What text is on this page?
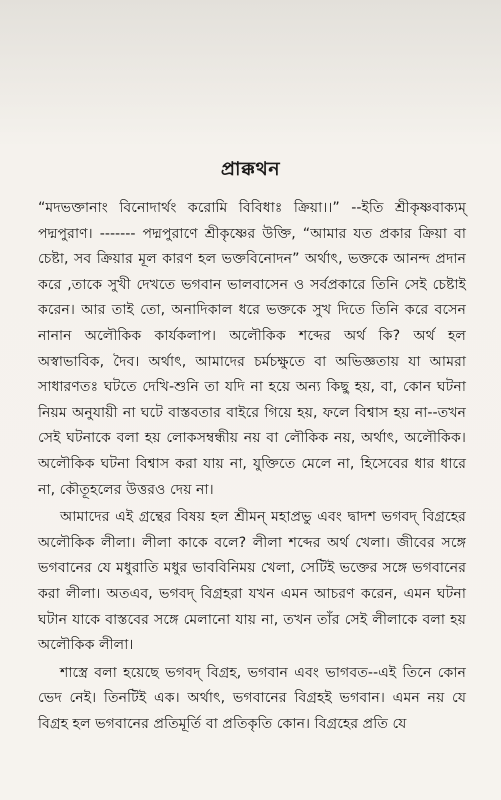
প্রাক্কথন

“মদভক্তানাং বিনোদার্থং করোমি বিবিধাঃ ক্রিয়া।।” --ইতি শ্রীকৃষ্ণবাক্যম্ পদ্মপুরাণ। ------- পদ্মপুরাণে শ্রীকৃষ্ণের উক্তি, “আমার যত প্রকার ক্রিয়া বা চেষ্টা, সব ক্রিয়ার মূল কারণ হল ভক্তবিনোদন” অর্থাৎ, ভক্তকে আনন্দ প্রদান করে ,তাকে সুখী দেখতে ভগবান ভালবাসেন ও সর্বপ্রকারে তিনি সেই চেষ্টাই করেন। আর তাই তো, অনাদিকাল ধরে ভক্তকে সুখ দিতে তিনি করে বসেন নানান অলৌকিক কার্যকলাপ। অলৌকিক শব্দের অর্থ কি? অর্থ হল অস্বাভাবিক, দৈব। অর্থাৎ, আমাদের চর্মচক্ষুতে বা অভিজ্ঞতায় যা আমরা সাধারণতঃ ঘটতে দেখি-শুনি তা যদি না হয়ে অন্য কিছু হয়, বা, কোন ঘটনা নিয়ম অনুযায়ী না ঘটে বাস্তবতার বাইরে গিয়ে হয়, ফলে বিশ্বাস হয় না--তখন সেই ঘটনাকে বলা হয় লোকসম্বন্ধীয় নয় বা লৌকিক নয়, অর্থাৎ, অলৌকিক। অলৌকিক ঘটনা বিশ্বাস করা যায় না, যুক্তিতে মেলে না, হিসেবের ধার ধারে না, কৌতূহলের উত্তরও দেয় না।

আমাদের এই গ্রন্থের বিষয় হল শ্রীমন্ মহাপ্রভু এবং দ্বাদশ ভগবদ্ বিগ্রহের অলৌকিক লীলা। লীলা কাকে বলে? লীলা শব্দের অর্থ খেলা। জীবের সঙ্গে ভগবানের যে মধুরাতি মধুর ভাববিনিময় খেলা, সেটিই ভক্তের সঙ্গে ভগবানের করা লীলা। অতএব, ভগবদ্ বিগ্রহরা যখন এমন আচরণ করেন, এমন ঘটনা ঘটান যাকে বাস্তবের সঙ্গে মেলানো যায় না, তখন তাঁর সেই লীলাকে বলা হয় অলৌকিক লীলা।

শাস্ত্রে বলা হয়েছে ভগবদ্ বিগ্রহ, ভগবান এবং ভাগবত--এই তিনে কোন ভেদ নেই। তিনটিই এক। অর্থাৎ, ভগবানের বিগ্রহই ভগবান। এমন নয় যে বিগ্রহ হল ভগবানের প্রতিমূর্তি বা প্রতিকৃতি কোন। বিগ্রহের প্রতি যে
